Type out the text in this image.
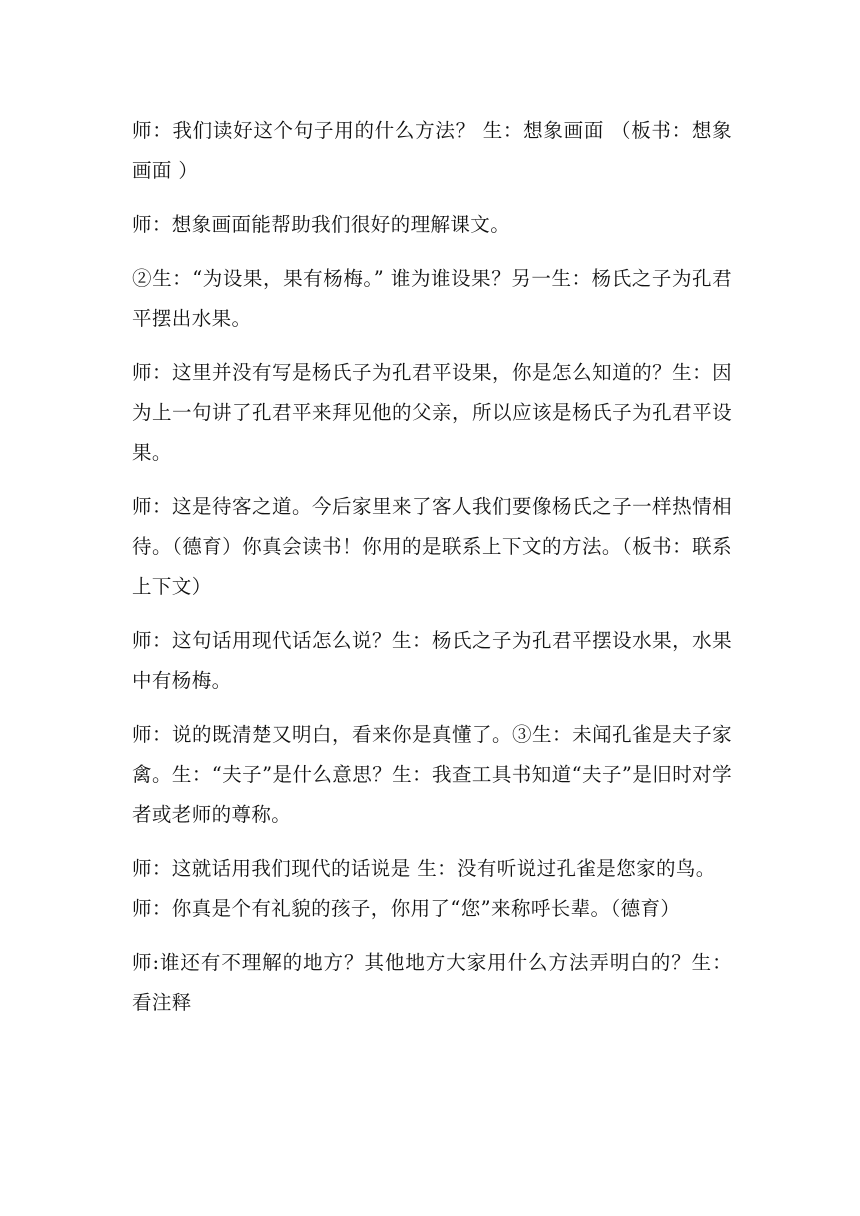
师：我们读好这个句子用的什么方法？ 生：想象画面 （板书：想象画面 ）

师：想象画面能帮助我们很好的理解课文。

②生：“为设果，果有杨梅。” 谁为谁设果？另一生：杨氏之子为孔君平摆出水果。

师：这里并没有写是杨氏子为孔君平设果，你是怎么知道的？生：因为上一句讲了孔君平来拜见他的父亲，所以应该是杨氏子为孔君平设果。

师：这是待客之道。今后家里来了客人我们要像杨氏之子一样热情相待。（德育）你真会读书！你用的是联系上下文的方法。（板书：联系上下文）

师：这句话用现代话怎么说？生：杨氏之子为孔君平摆设水果，水果中有杨梅。

师：说的既清楚又明白，看来你是真懂了。③生：未闻孔雀是夫子家禽。生：“夫子”是什么意思？生：我查工具书知道“夫子”是旧时对学者或老师的尊称。

师：这就话用我们现代的话说是 生：没有听说过孔雀是您家的鸟。

师：你真是个有礼貌的孩子，你用了“您”来称呼长辈。（德育）

师:谁还有不理解的地方？其他地方大家用什么方法弄明白的？生：看注释
